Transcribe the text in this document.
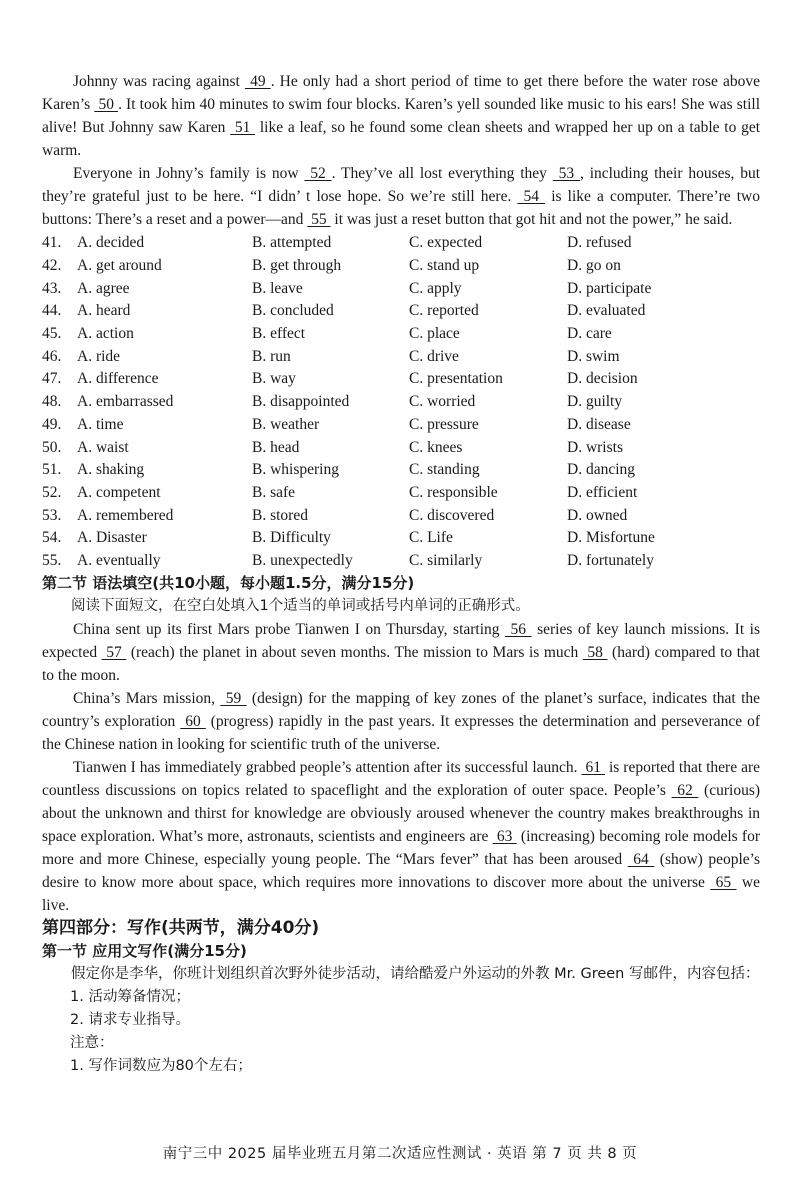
Johnny was racing against  49 . He only had a short period of time to get there before the water rose above Karen’s  50 . It took him 40 minutes to swim four blocks. Karen’s yell sounded like music to his ears! She was still alive! But Johnny saw Karen  51  like a leaf, so he found some clean sheets and wrapped her up on a table to get warm.

Everyone in Johny’s family is now  52 . They’ve all lost everything they  53 , including their houses, but they’re grateful just to be here. “I didn’ t lose hope. So we’re still here.  54  is like a computer. There’re two buttons: There’s a reset and a power—and  55  it was just a reset button that got hit and not the power,” he said.

41.	A. decided	B. attempted	C. expected	D. refused
42.	A. get around	B. get through	C. stand up	D. go on
43.	A. agree	B. leave	C. apply	D. participate
44.	A. heard	B. concluded	C. reported	D. evaluated
45.	A. action	B. effect	C. place	D. care
46.	A. ride	B. run	C. drive	D. swim
47.	A. difference	B. way	C. presentation	D. decision
48.	A. embarrassed	B. disappointed	C. worried	D. guilty
49.	A. time	B. weather	C. pressure	D. disease
50.	A. waist	B. head	C. knees	D. wrists
51.	A. shaking	B. whispering	C. standing	D. dancing
52.	A. competent	B. safe	C. responsible	D. efficient
53.	A. remembered	B. stored	C. discovered	D. owned
54.	A. Disaster	B. Difficulty	C. Life	D. Misfortune
55.	A. eventually	B. unexpectedly	C. similarly	D. fortunately

第二节 语法填空(共10小题，每小题1.5分，满分15分)

阅读下面短文，在空白处填入1个适当的单词或括号内单词的正确形式。

China sent up its first Mars probe Tianwen I on Thursday, starting  56  series of key launch missions. It is expected  57  (reach) the planet in about seven months. The mission to Mars is much  58  (hard) compared to that to the moon.

China’s Mars mission,  59  (design) for the mapping of key zones of the planet’s surface, indicates that the country’s exploration  60  (progress) rapidly in the past years. It expresses the determination and perseverance of the Chinese nation in looking for scientific truth of the universe.

Tianwen I has immediately grabbed people’s attention after its successful launch.  61  is reported that there are countless discussions on topics related to spaceflight and the exploration of outer space. People’s  62  (curious) about the unknown and thirst for knowledge are obviously aroused whenever the country makes breakthroughs in space exploration. What’s more, astronauts, scientists and engineers are  63  (increasing) becoming role models for more and more Chinese, especially young people. The “Mars fever” that has been aroused  64  (show) people’s desire to know more about space, which requires more innovations to discover more about the universe  65  we live.

第四部分：写作(共两节，满分40分)

第一节 应用文写作(满分15分)

假定你是李华，你班计划组织首次野外徒步活动，请给酷爱户外运动的外教 Mr. Green 写邮件，内容包括：

1. 活动筹备情况；

2. 请求专业指导。

注意：

1. 写作词数应为80个左右；

南宁三中 2025 届毕业班五月第二次适应性测试 · 英语 第 7 页 共 8 页
